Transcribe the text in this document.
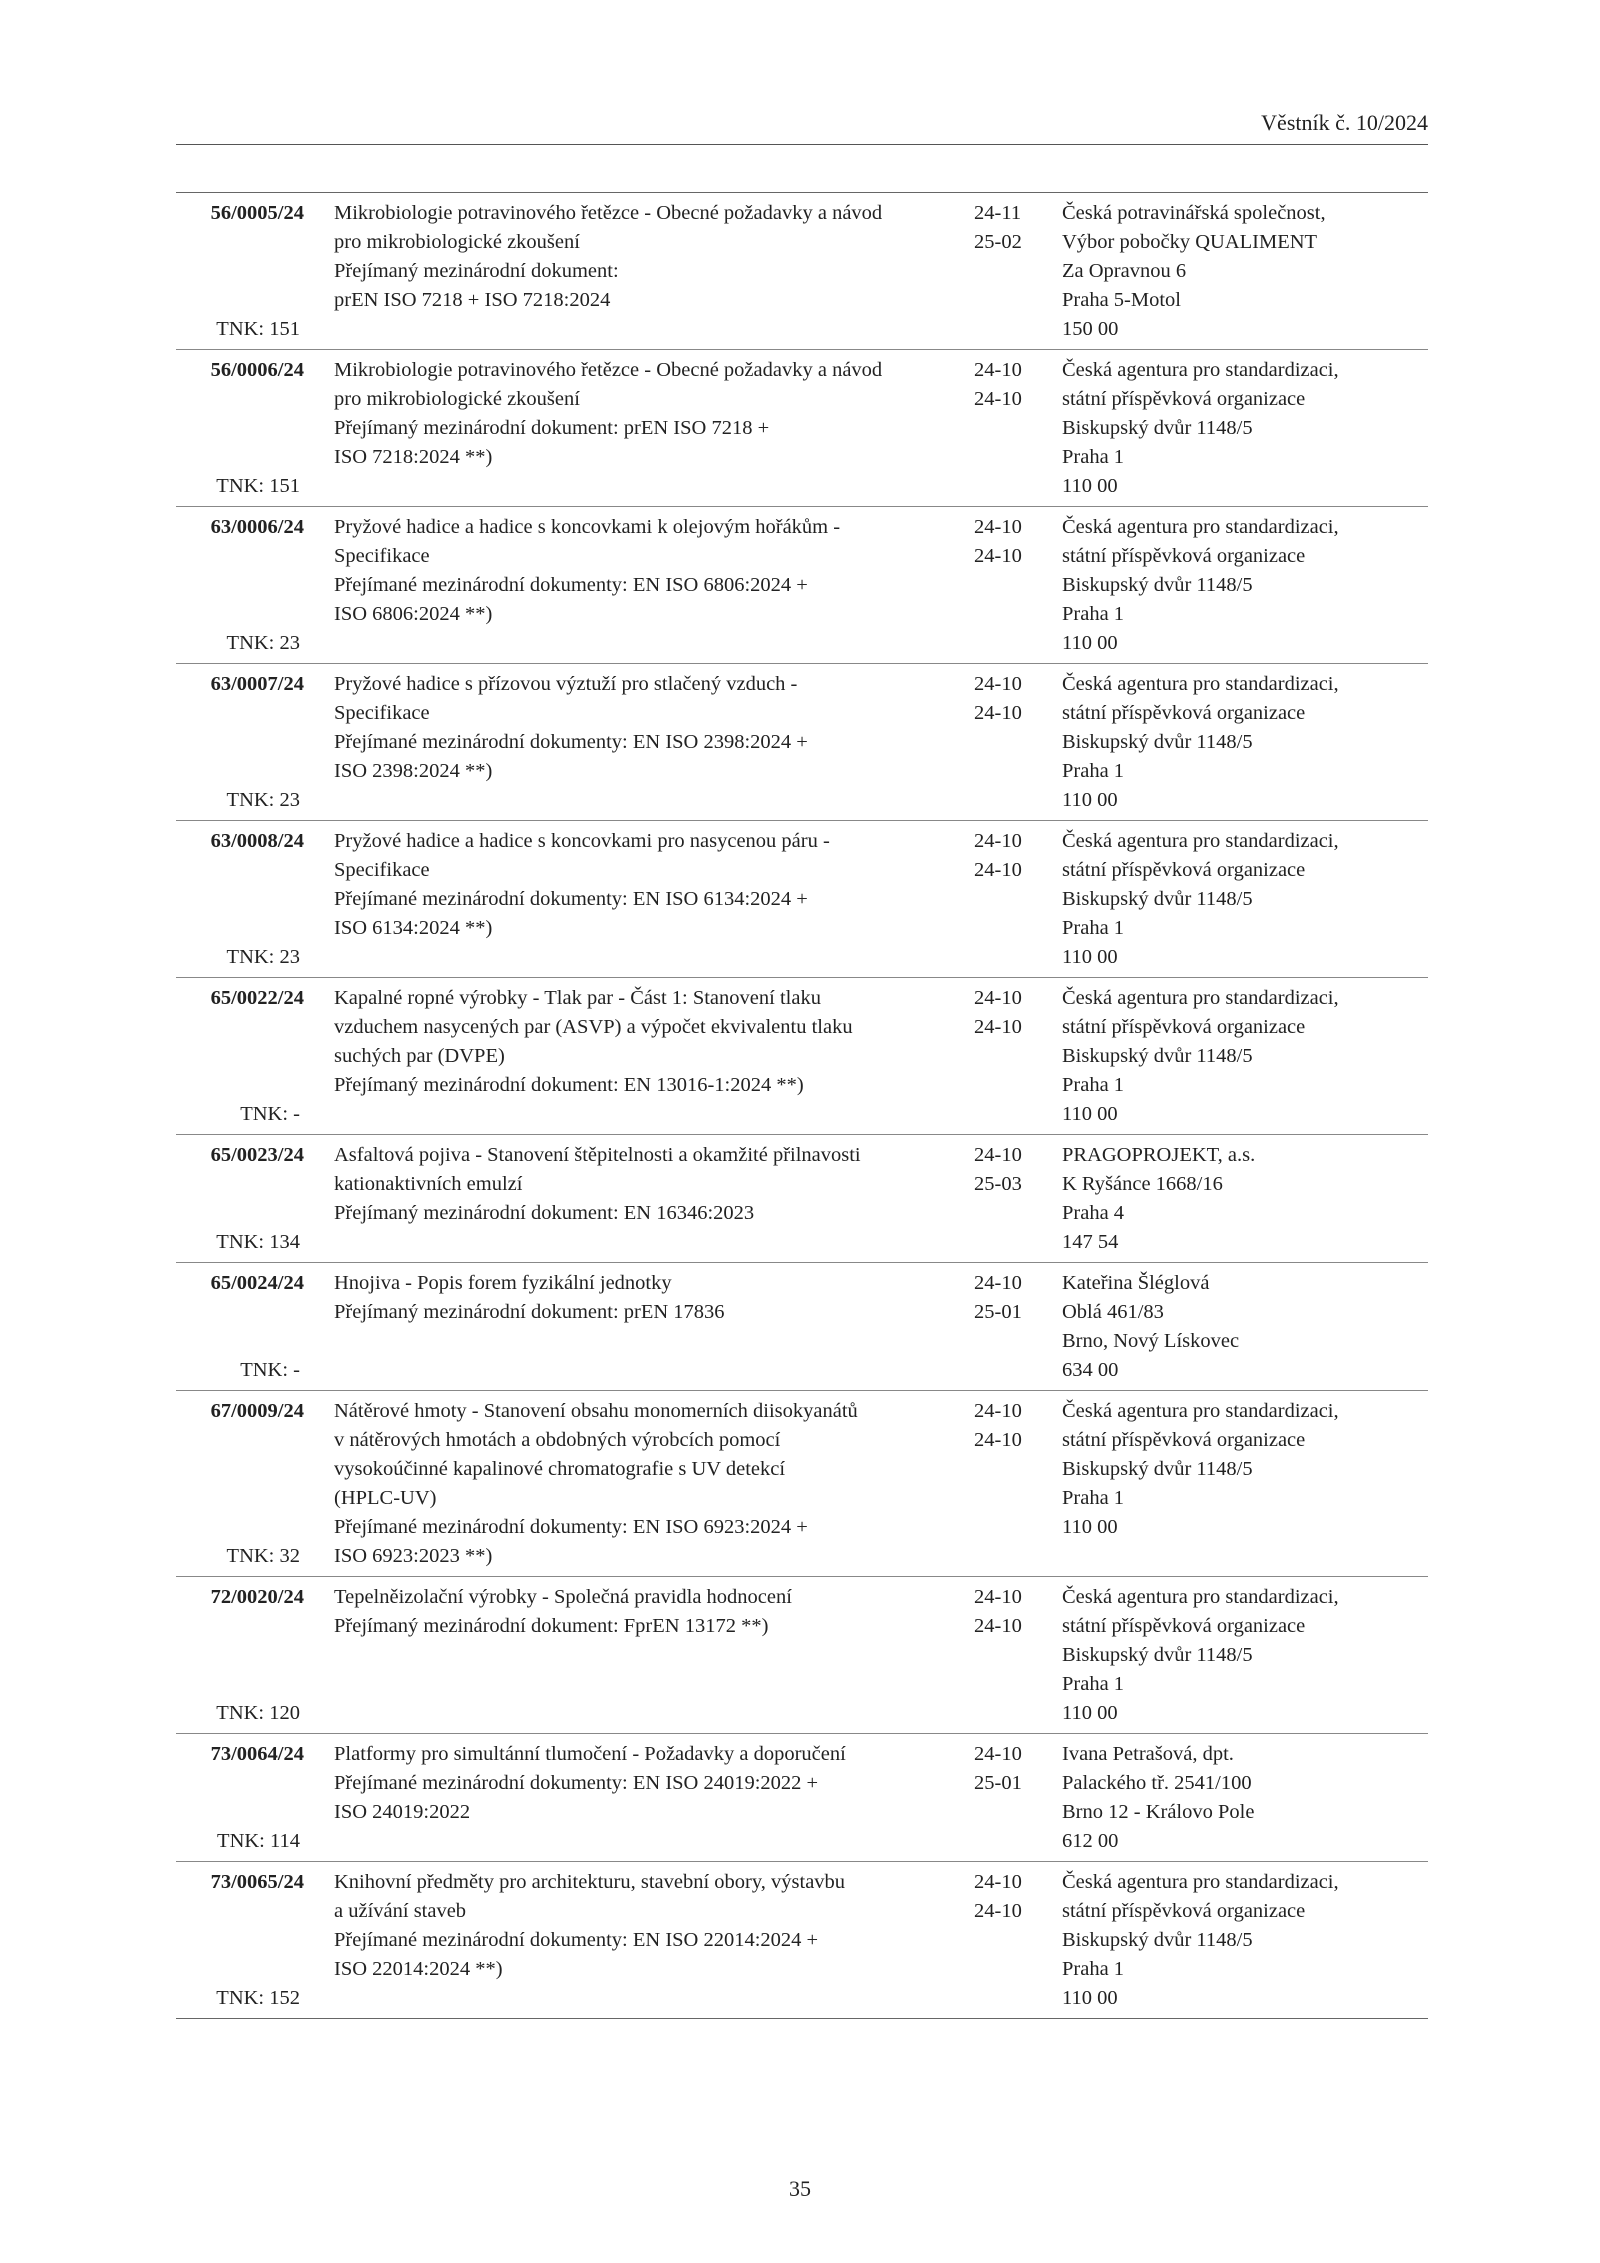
Věstník č. 10/2024
56/0005/24
TNK: 151
Mikrobiologie potravinového řetězce - Obecné požadavky a návod
pro mikrobiologické zkoušení
Přejímaný mezinárodní dokument:
prEN ISO 7218 + ISO 7218:2024
24-11
25-02
Česká potravinářská společnost,
Výbor pobočky QUALIMENT
Za Opravnou 6
Praha 5-Motol
150 00
56/0006/24
TNK: 151
Mikrobiologie potravinového řetězce - Obecné požadavky a návod
pro mikrobiologické zkoušení
Přejímaný mezinárodní dokument: prEN ISO 7218 +
ISO 7218:2024 **)
24-10
24-10
Česká agentura pro standardizaci,
státní příspěvková organizace
Biskupský dvůr 1148/5
Praha 1
110 00
63/0006/24
TNK: 23
Pryžové hadice a hadice s koncovkami k olejovým hořákům -
Specifikace
Přejímané mezinárodní dokumenty: EN ISO 6806:2024 +
ISO 6806:2024 **)
24-10
24-10
Česká agentura pro standardizaci,
státní příspěvková organizace
Biskupský dvůr 1148/5
Praha 1
110 00
63/0007/24
TNK: 23
Pryžové hadice s přízovou výztuží pro stlačený vzduch -
Specifikace
Přejímané mezinárodní dokumenty: EN ISO 2398:2024 +
ISO 2398:2024 **)
24-10
24-10
Česká agentura pro standardizaci,
státní příspěvková organizace
Biskupský dvůr 1148/5
Praha 1
110 00
63/0008/24
TNK: 23
Pryžové hadice a hadice s koncovkami pro nasycenou páru -
Specifikace
Přejímané mezinárodní dokumenty: EN ISO 6134:2024 +
ISO 6134:2024 **)
24-10
24-10
Česká agentura pro standardizaci,
státní příspěvková organizace
Biskupský dvůr 1148/5
Praha 1
110 00
65/0022/24
TNK: -
Kapalné ropné výrobky - Tlak par - Část 1: Stanovení tlaku
vzduchem nasycených par (ASVP) a výpočet ekvivalentu tlaku
suchých par (DVPE)
Přejímaný mezinárodní dokument: EN 13016-1:2024 **)
24-10
24-10
Česká agentura pro standardizaci,
státní příspěvková organizace
Biskupský dvůr 1148/5
Praha 1
110 00
65/0023/24
TNK: 134
Asfaltová pojiva - Stanovení štěpitelnosti a okamžité přilnavosti
kationaktivních emulzí
Přejímaný mezinárodní dokument: EN 16346:2023
24-10
25-03
PRAGOPROJEKT, a.s.
K Ryšánce 1668/16
Praha 4
147 54
65/0024/24
TNK: -
Hnojiva - Popis forem fyzikální jednotky
Přejímaný mezinárodní dokument: prEN 17836
24-10
25-01
Kateřina Šléglová
Oblá 461/83
Brno, Nový Lískovec
634 00
67/0009/24
TNK: 32
Nátěrové hmoty - Stanovení obsahu monomerních diisokyanátů
v nátěrových hmotách a obdobných výrobcích pomocí
vysokoúčinné kapalinové chromatografie s UV detekcí
(HPLC-UV)
Přejímané mezinárodní dokumenty: EN ISO 6923:2024 +
ISO 6923:2023 **)
24-10
24-10
Česká agentura pro standardizaci,
státní příspěvková organizace
Biskupský dvůr 1148/5
Praha 1
110 00
72/0020/24
TNK: 120
Tepelněizolační výrobky - Společná pravidla hodnocení
Přejímaný mezinárodní dokument: FprEN 13172 **)
24-10
24-10
Česká agentura pro standardizaci,
státní příspěvková organizace
Biskupský dvůr 1148/5
Praha 1
110 00
73/0064/24
TNK: 114
Platformy pro simultánní tlumočení - Požadavky a doporučení
Přejímané mezinárodní dokumenty: EN ISO 24019:2022 +
ISO 24019:2022
24-10
25-01
Ivana Petrašová, dpt.
Palackého tř. 2541/100
Brno 12 - Královo Pole
612 00
73/0065/24
TNK: 152
Knihovní předměty pro architekturu, stavební obory, výstavbu
a užívání staveb
Přejímané mezinárodní dokumenty: EN ISO 22014:2024 +
ISO 22014:2024 **)
24-10
24-10
Česká agentura pro standardizaci,
státní příspěvková organizace
Biskupský dvůr 1148/5
Praha 1
110 00
35
